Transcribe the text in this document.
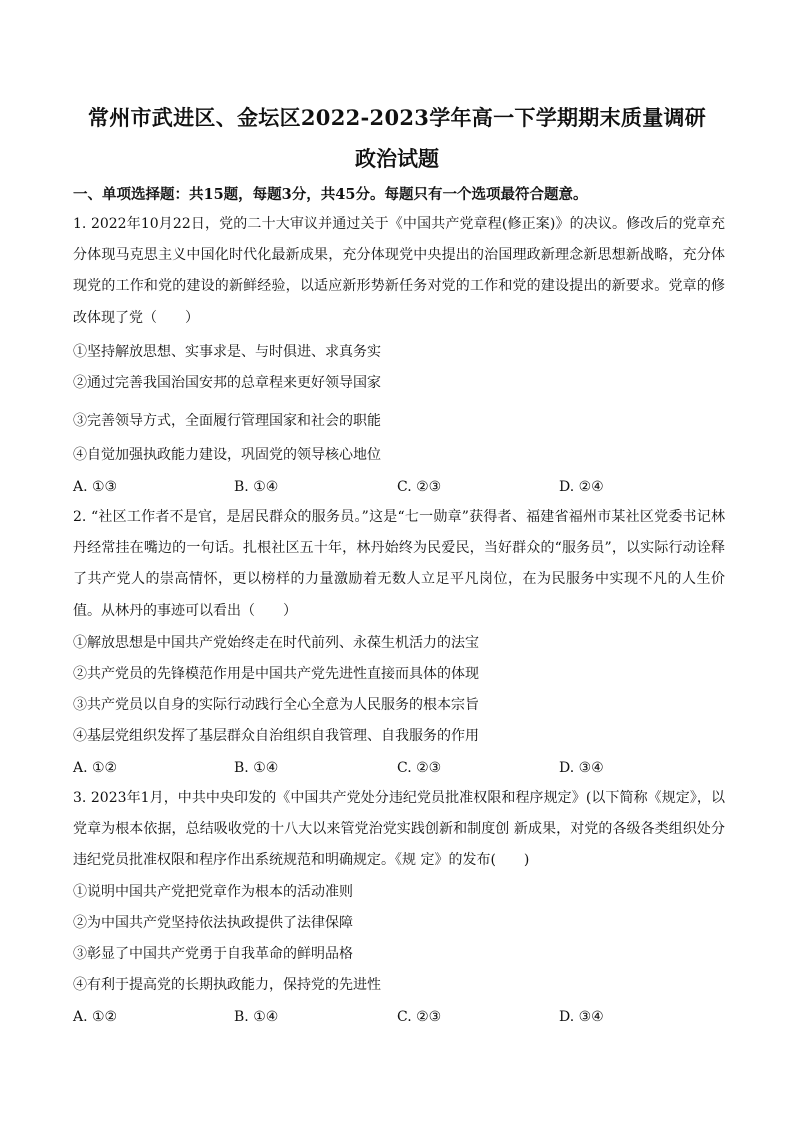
常州市武进区、金坛区2022-2023学年高一下学期期末质量调研
政治试题
一、单项选择题：共15题，每题3分，共45分。每题只有一个选项最符合题意。
1. 2022年10月22日，党的二十大审议并通过关于《中国共产党章程(修正案)》的决议。修改后的党章充分体现马克思主义中国化时代化最新成果，充分体现党中央提出的治国理政新理念新思想新战略，充分体现党的工作和党的建设的新鲜经验，以适应新形势新任务对党的工作和党的建设提出的新要求。党章的修改体现了党（　　）
①坚持解放思想、实事求是、与时俱进、求真务实
②通过完善我国治国安邦的总章程来更好领导国家
③完善领导方式，全面履行管理国家和社会的职能
④自觉加强执政能力建设，巩固党的领导核心地位
A. ①③	B. ①④	C. ②③	D. ②④
2. “社区工作者不是官，是居民群众的服务员。”这是“七一勋章”获得者、福建省福州市某社区党委书记林丹经常挂在嘴边的一句话。扎根社区五十年，林丹始终为民爱民，当好群众的“服务员”，以实际行动诠释了共产党人的崇高情怀，更以榜样的力量激励着无数人立足平凡岗位，在为民服务中实现不凡的人生价值。从林丹的事迹可以看出（　　）
①解放思想是中国共产党始终走在时代前列、永葆生机活力的法宝
②共产党员的先锋模范作用是中国共产党先进性直接而具体的体现
③共产党员以自身的实际行动践行全心全意为人民服务的根本宗旨
④基层党组织发挥了基层群众自治组织自我管理、自我服务的作用
A. ①②	B. ①④	C. ②③	D. ③④
3. 2023年1月，中共中央印发的《中国共产党处分违纪党员批准权限和程序规定》(以下简称《规定》，以党章为根本依据，总结吸收党的十八大以来管党治党实践创新和制度创 新成果，对党的各级各类组织处分违纪党员批准权限和程序作出系统规范和明确规定。《规 定》的发布(　　)
①说明中国共产党把党章作为根本的活动准则
②为中国共产党坚持依法执政提供了法律保障
③彰显了中国共产党勇于自我革命的鲜明品格
④有利于提高党的长期执政能力，保持党的先进性
A. ①②	B. ①④	C. ②③	D. ③④
